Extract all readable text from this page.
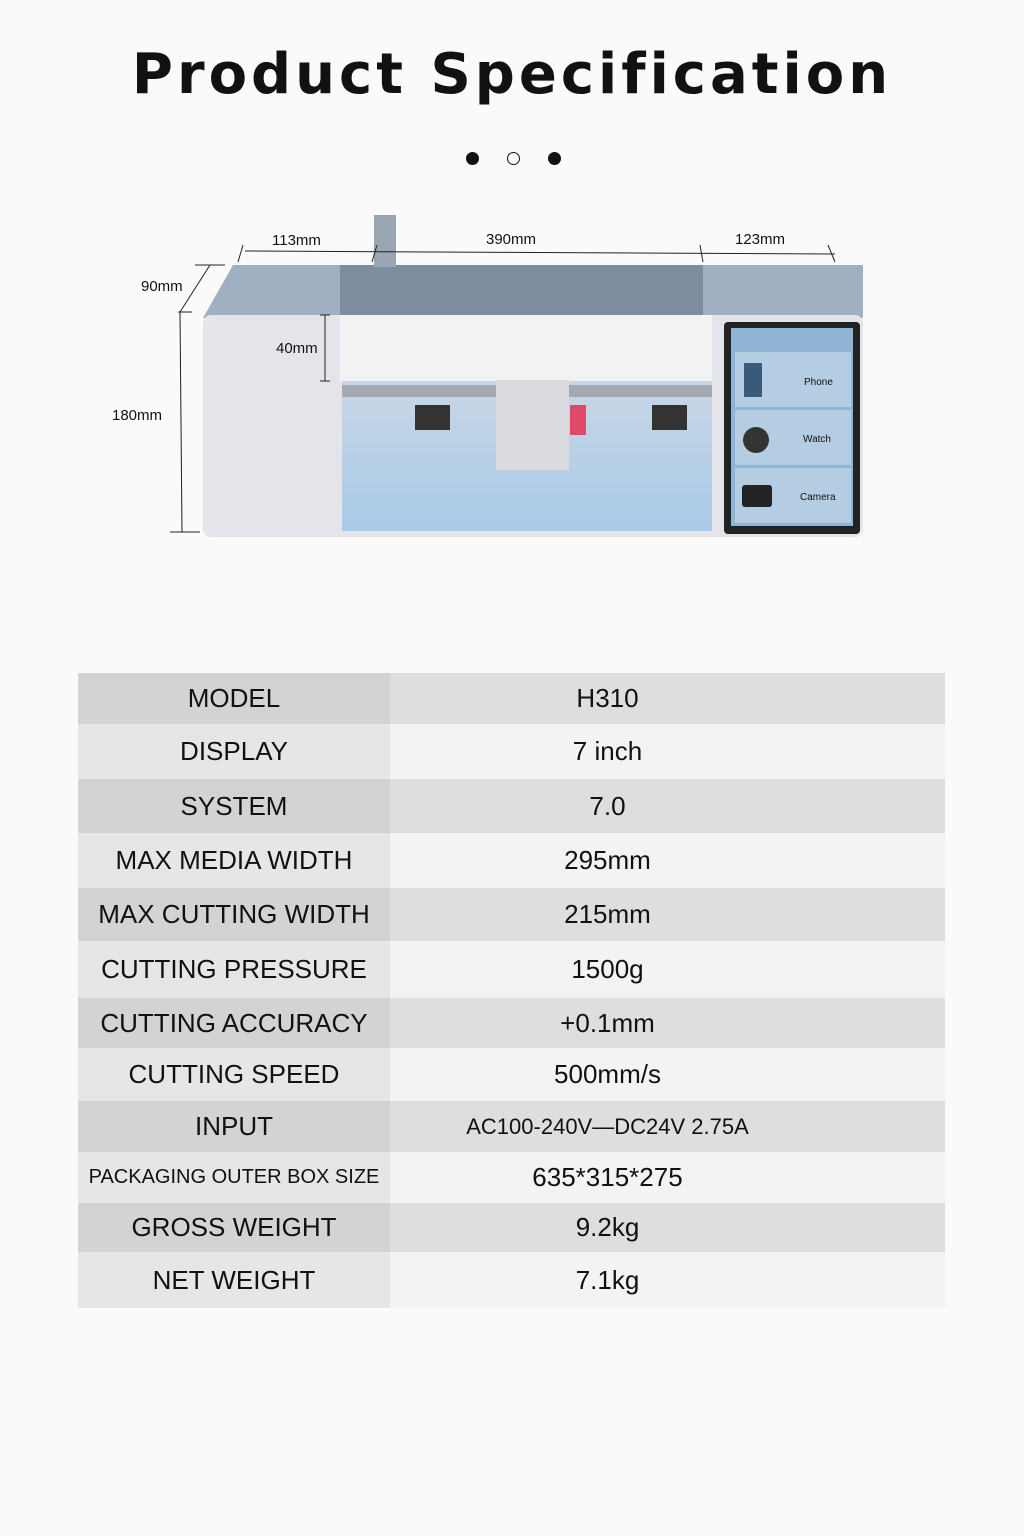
Product Specification
113mm	390mm	123mm
90mm
180mm
40mm
Phone
Watch
Camera
MODEL	H310
DISPLAY	7 inch
SYSTEM	7.0
MAX MEDIA WIDTH	295mm
MAX CUTTING WIDTH	215mm
CUTTING PRESSURE	1500g
CUTTING ACCURACY	+0.1mm
CUTTING SPEED	500mm/s
INPUT	AC100-240V—DC24V 2.75A
PACKAGING OUTER BOX SIZE	635*315*275
GROSS WEIGHT	9.2kg
NET WEIGHT	7.1kg
